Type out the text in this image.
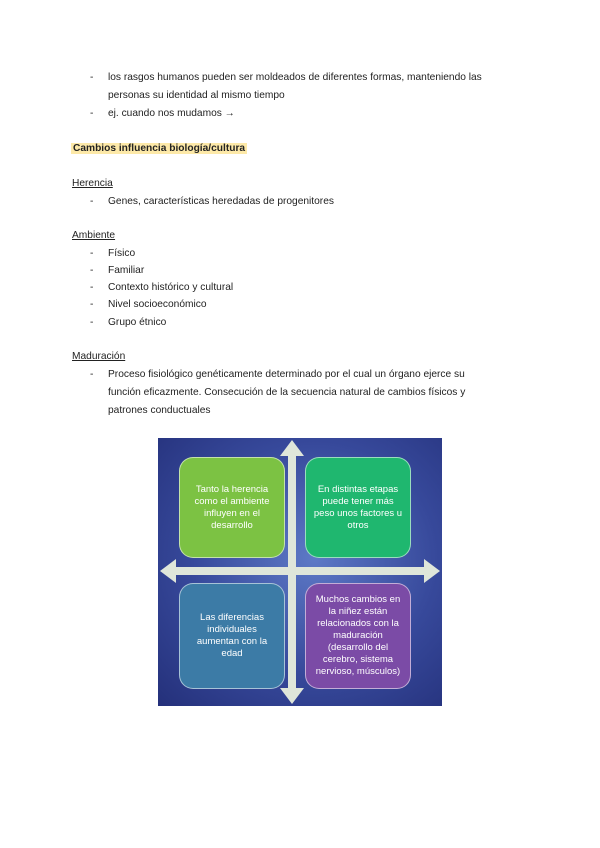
- los rasgos humanos pueden ser moldeados de diferentes formas, manteniendo las
personas su identidad al mismo tiempo
- ej. cuando nos mudamos →
Cambios influencia biología/cultura
Herencia
- Genes, características heredadas de progenitores
Ambiente
- Físico
- Familiar
- Contexto histórico y cultural
- Nivel socioeconómico
- Grupo étnico
Maduración
- Proceso fisiológico genéticamente determinado por el cual un órgano ejerce su
función eficazmente. Consecución de la secuencia natural de cambios físicos y
patrones conductuales
Tanto la herencia
como el ambiente
influyen en el
desarrollo
En distintas etapas
puede tener más
peso unos factores u
otros
Las diferencias
individuales
aumentan con la
edad
Muchos cambios en
la niñez están
relacionados con la
maduración
(desarrollo del
cerebro, sistema
nervioso, músculos)
